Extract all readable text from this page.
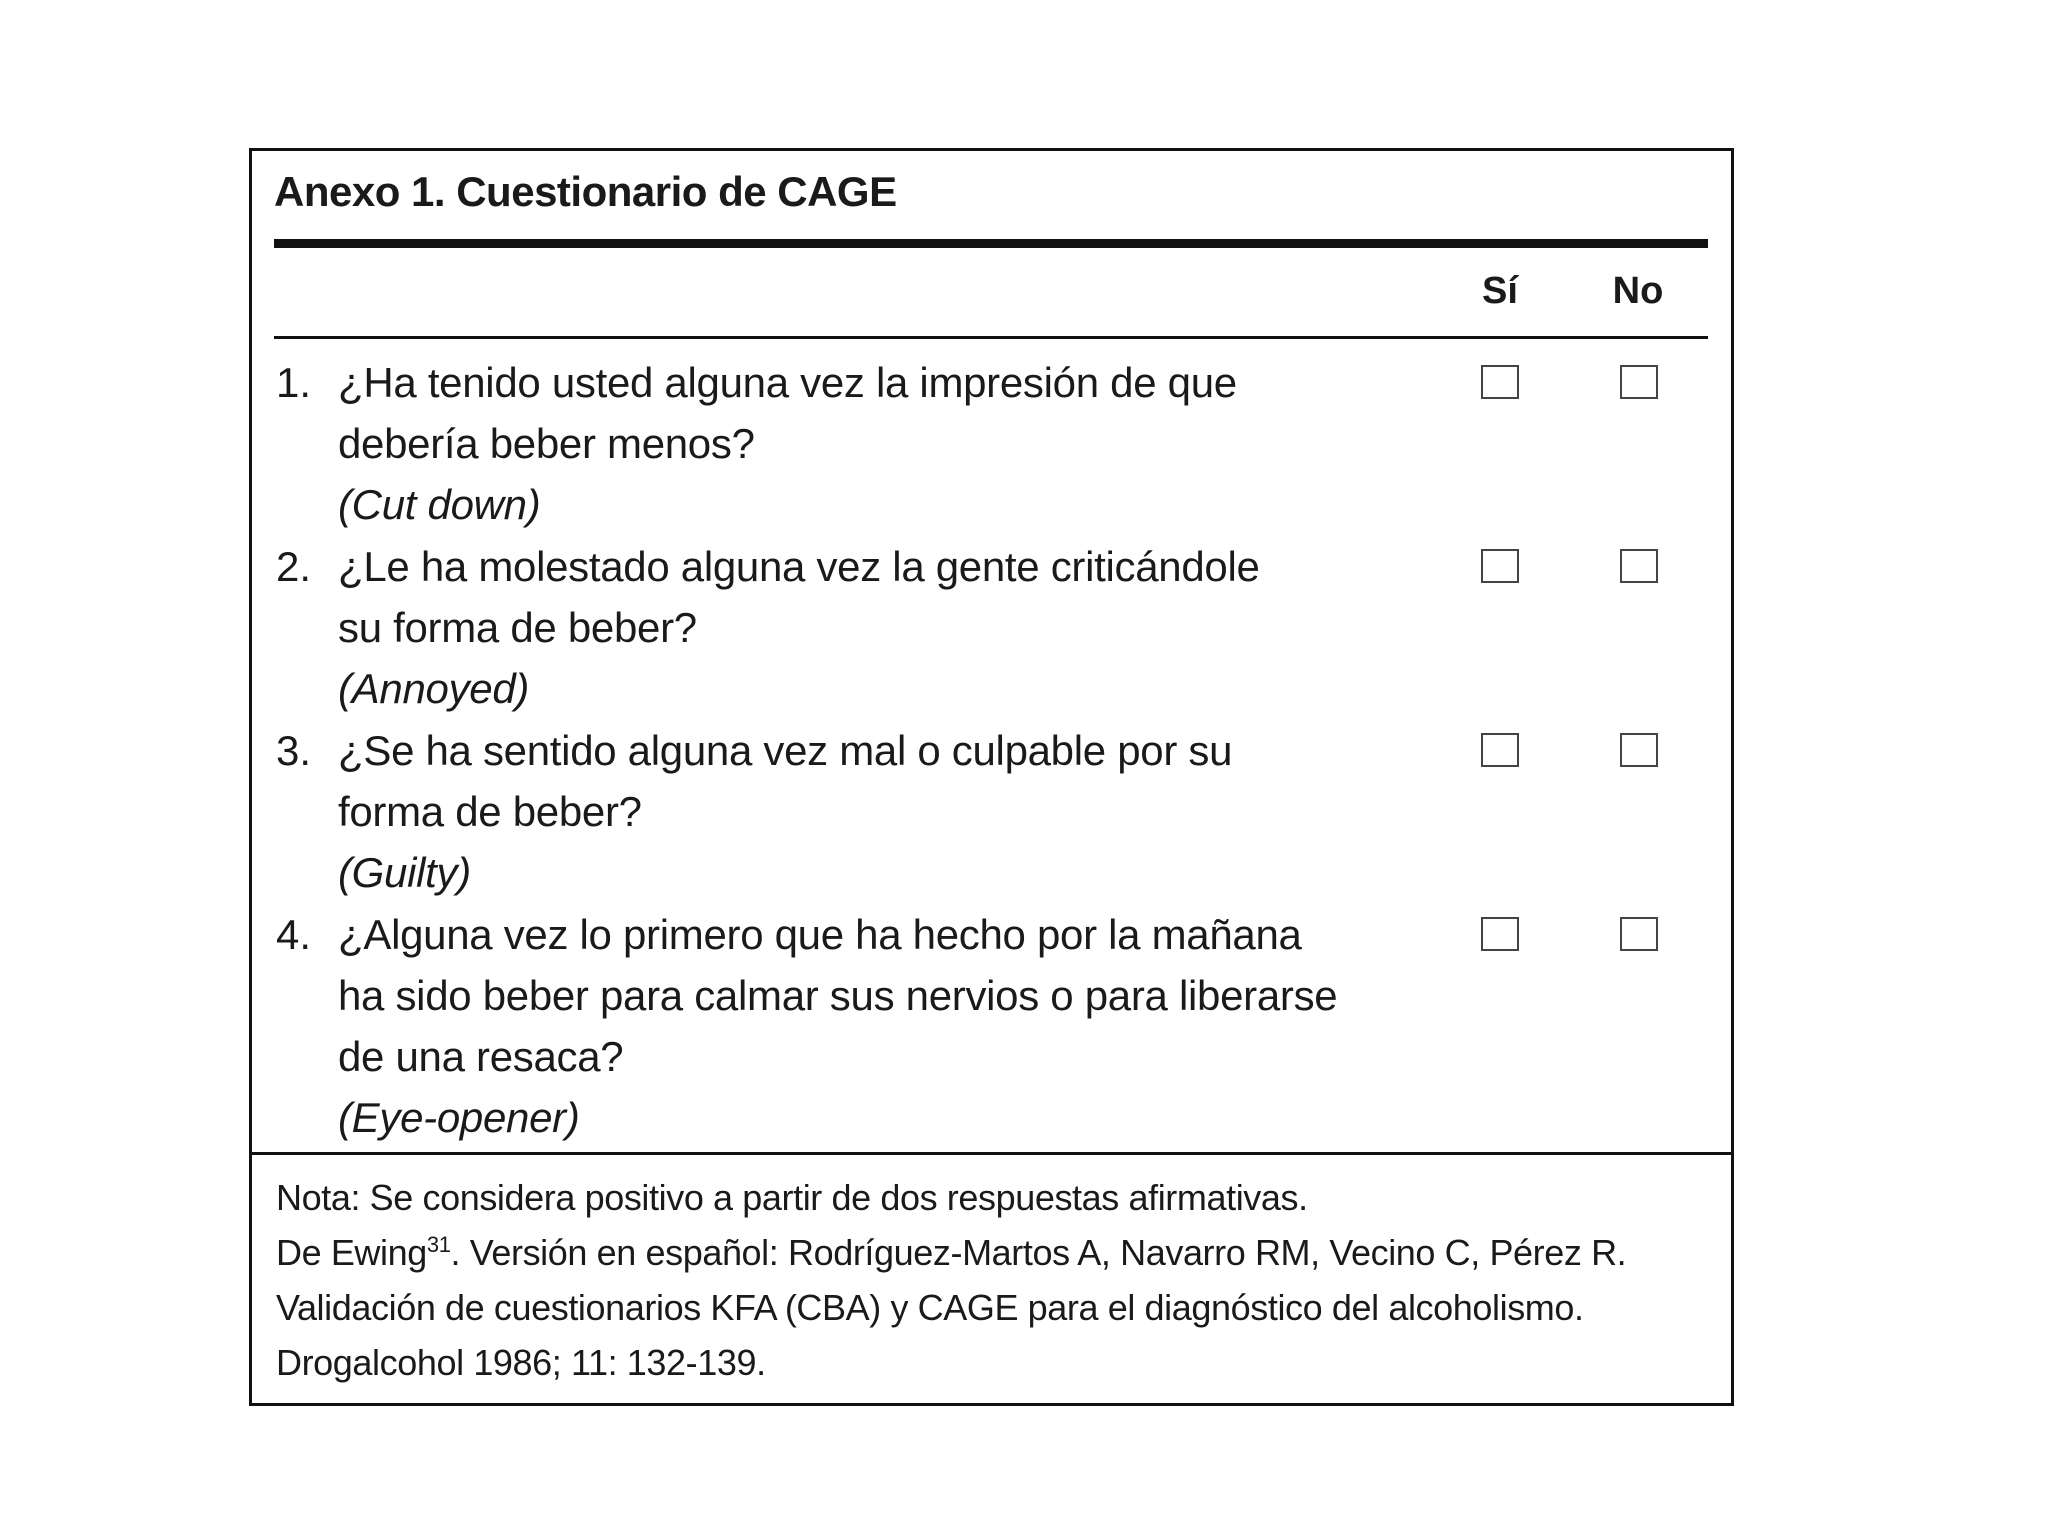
Anexo 1. Cuestionario de CAGE
Sí	No
1. ¿Ha tenido usted alguna vez la impresión de que
debería beber menos?
(Cut down)
2. ¿Le ha molestado alguna vez la gente criticándole
su forma de beber?
(Annoyed)
3. ¿Se ha sentido alguna vez mal o culpable por su
forma de beber?
(Guilty)
4. ¿Alguna vez lo primero que ha hecho por la mañana
ha sido beber para calmar sus nervios o para liberarse
de una resaca?
(Eye-opener)
Nota: Se considera positivo a partir de dos respuestas afirmativas.
De Ewing$^{31}$. Versión en español: Rodríguez-Martos A, Navarro RM, Vecino C, Pérez R.
Validación de cuestionarios KFA (CBA) y CAGE para el diagnóstico del alcoholismo.
Drogalcohol 1986; 11: 132-139.
